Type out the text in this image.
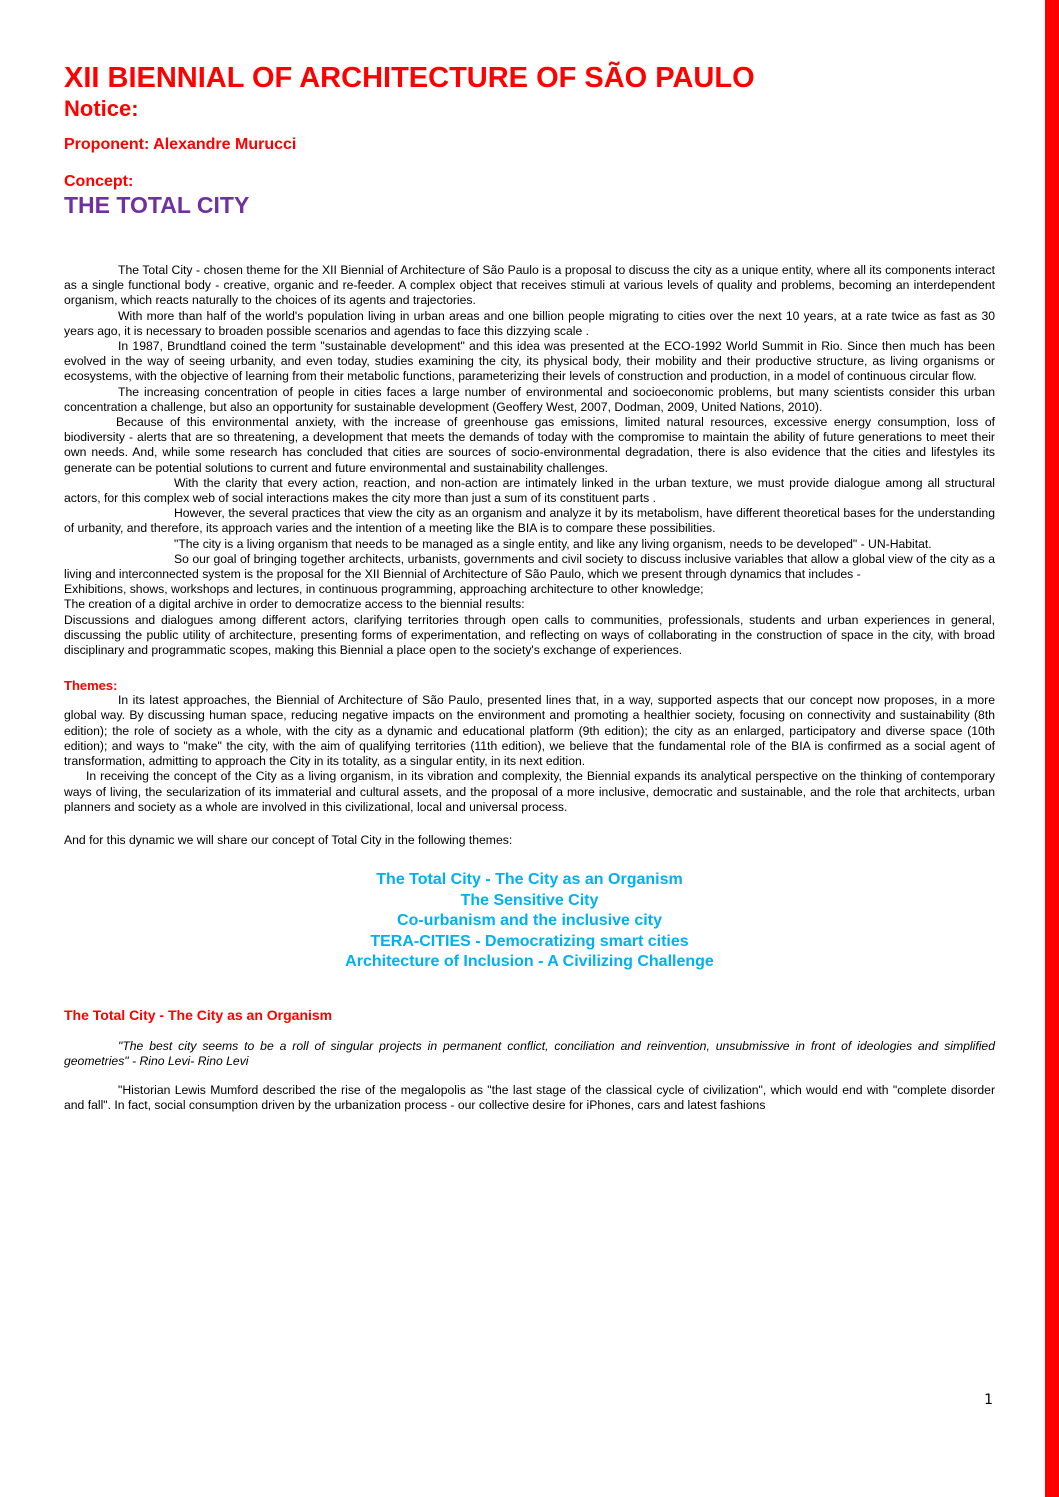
XII BIENNIAL OF ARCHITECTURE OF SÃO PAULO
Notice:
Proponent: Alexandre Murucci
Concept:
THE TOTAL CITY

The Total City - chosen theme for the XII Biennial of Architecture of São Paulo is a proposal to discuss the city as a unique entity, where all its components interact as a single functional body - creative, organic and re-feeder. A complex object that receives stimuli at various levels of quality and problems, becoming an interdependent organism, which reacts naturally to the choices of its agents and trajectories.

With more than half of the world's population living in urban areas and one billion people migrating to cities over the next 10 years, at a rate twice as fast as 30 years ago, it is necessary to broaden possible scenarios and agendas to face this dizzying scale .

In 1987, Brundtland coined the term "sustainable development" and this idea was presented at the ECO-1992 World Summit in Rio. Since then much has been evolved in the way of seeing urbanity, and even today, studies examining the city, its physical body, their mobility and their productive structure, as living organisms or ecosystems, with the objective of learning from their metabolic functions, parameterizing their levels of construction and production, in a model of continuous circular flow.

The increasing concentration of people in cities faces a large number of environmental and socioeconomic problems, but many scientists consider this urban concentration a challenge, but also an opportunity for sustainable development (Geoffery West, 2007, Dodman, 2009, United Nations, 2010).

Because of this environmental anxiety, with the increase of greenhouse gas emissions, limited natural resources, excessive energy consumption, loss of biodiversity - alerts that are so threatening, a development that meets the demands of today with the compromise to maintain the ability of future generations to meet their own needs. And, while some research has concluded that cities are sources of socio-environmental degradation, there is also evidence that the cities and lifestyles its generate can be potential solutions to current and future environmental and sustainability challenges.

With the clarity that every action, reaction, and non-action are intimately linked in the urban texture, we must provide dialogue among all structural actors, for this complex web of social interactions makes the city more than just a sum of its constituent parts .

However, the several practices that view the city as an organism and analyze it by its metabolism, have different theoretical bases for the understanding of urbanity, and therefore, its approach varies and the intention of a meeting like the BIA is to compare these possibilities.

"The city is a living organism that needs to be managed as a single entity, and like any living organism, needs to be developed" - UN-Habitat.

So our goal of bringing together architects, urbanists, governments and civil society to discuss inclusive variables that allow a global view of the city as a living and interconnected system is the proposal for the XII Biennial of Architecture of São Paulo, which we present through dynamics that includes -

Exhibitions, shows, workshops and lectures, in continuous programming, approaching architecture to other knowledge;

The creation of a digital archive in order to democratize access to the biennial results:

Discussions and dialogues among different actors, clarifying territories through open calls to communities, professionals, students and urban experiences in general, discussing the public utility of architecture, presenting forms of experimentation, and reflecting on ways of collaborating in the construction of space in the city, with broad disciplinary and programmatic scopes, making this Biennial a place open to the society's exchange of experiences.

Themes:

In its latest approaches, the Biennial of Architecture of São Paulo, presented lines that, in a way, supported aspects that our concept now proposes, in a more global way. By discussing human space, reducing negative impacts on the environment and promoting a healthier society, focusing on connectivity and sustainability (8th edition); the role of society as a whole, with the city as a dynamic and educational platform (9th edition); the city as an enlarged, participatory and diverse space (10th edition); and ways to "make" the city, with the aim of qualifying territories (11th edition), we believe that the fundamental role of the BIA is confirmed as a social agent of transformation, admitting to approach the City in its totality, as a singular entity, in its next edition.

In receiving the concept of the City as a living organism, in its vibration and complexity, the Biennial expands its analytical perspective on the thinking of contemporary ways of living, the secularization of its immaterial and cultural assets, and the proposal of a more inclusive, democratic and sustainable, and the role that architects, urban planners and society as a whole are involved in this civilizational, local and universal process.

And for this dynamic we will share our concept of Total City in the following themes:

The Total City - The City as an Organism
The Sensitive City
Co-urbanism and the inclusive city
TERA-CITIES - Democratizing smart cities
Architecture of Inclusion - A Civilizing Challenge
The Total City - The City as an Organism

"The best city seems to be a roll of singular projects in permanent conflict, conciliation and reinvention, unsubmissive in front of ideologies and simplified geometries" - Rino Levi- Rino Levi

"Historian Lewis Mumford described the rise of the megalopolis as "the last stage of the classical cycle of civilization", which would end with "complete disorder and fall". In fact, social consumption driven by the urbanization process - our collective desire for iPhones, cars and latest fashions

1
